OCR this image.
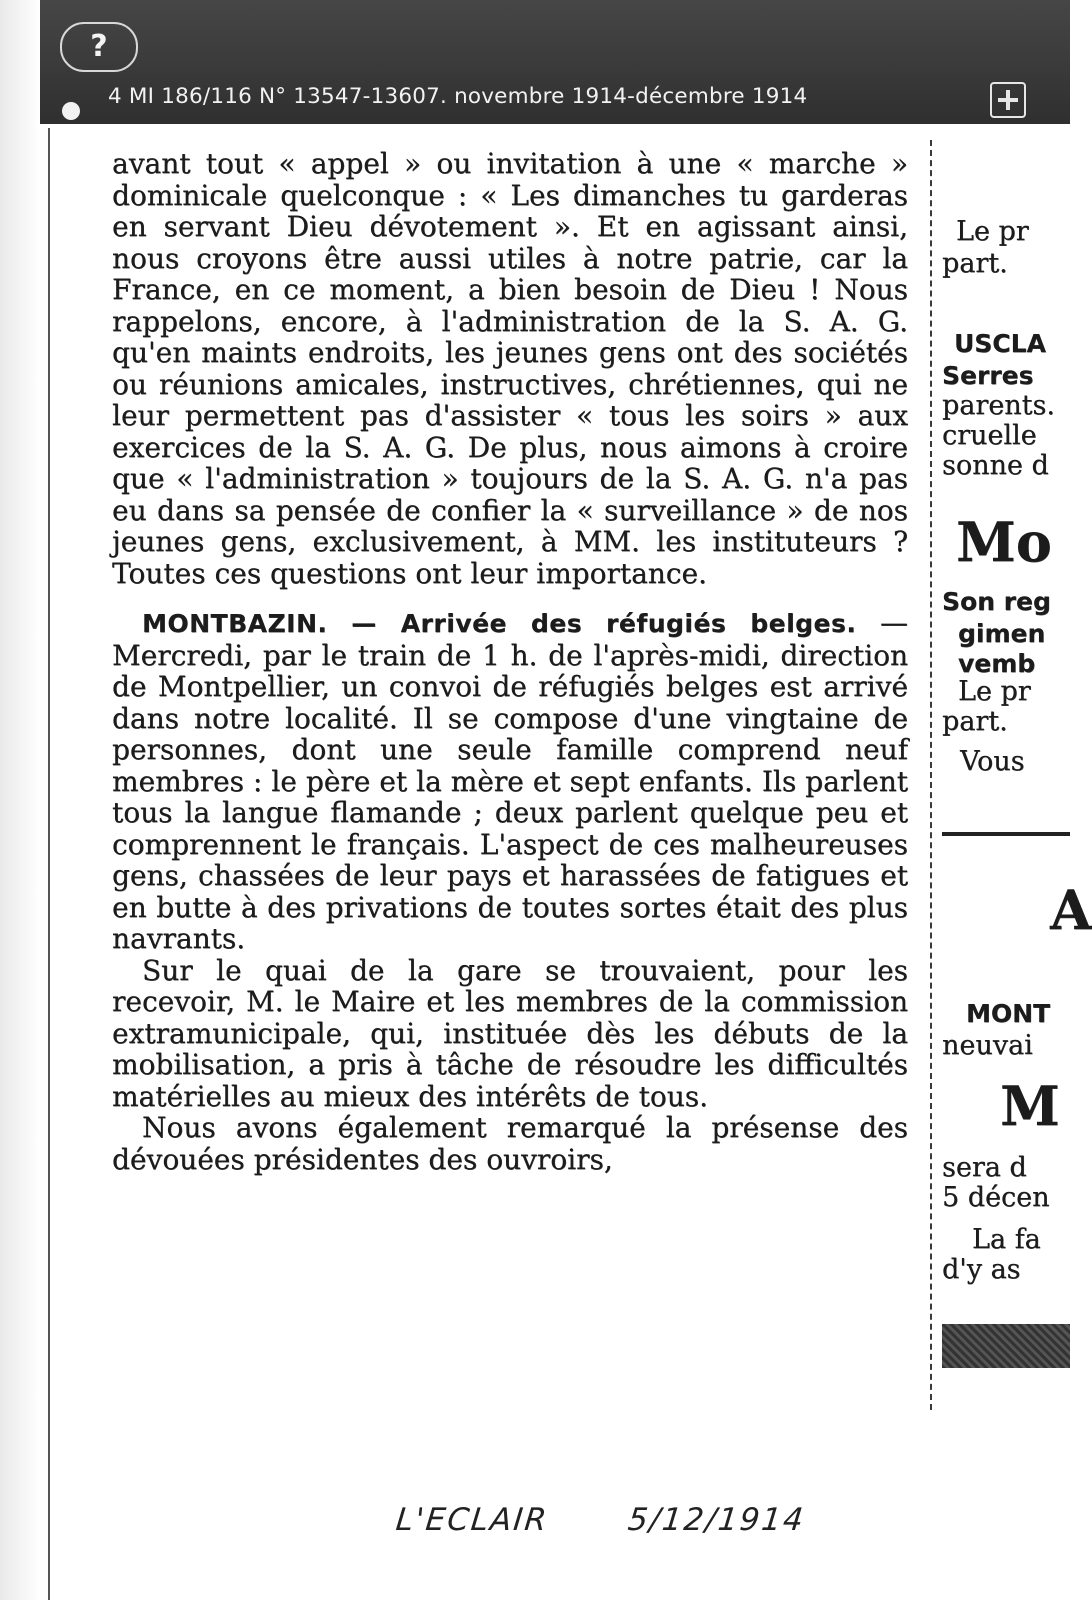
?
4 MI 186/116 N° 13547-13607. novembre 1914-décembre 1914

avant tout « appel » ou invitation à une « marche » dominicale quelconque : « Les dimanches tu garderas en servant Dieu dévotement ». Et en agissant ainsi, nous croyons être aussi utiles à notre patrie, car la France, en ce moment, a bien besoin de Dieu ! Nous rappelons, encore, à l'administration de la S. A. G. qu'en maints endroits, les jeunes gens ont des sociétés ou réunions amicales, instructives, chrétiennes, qui ne leur permettent pas d'assister « tous les soirs » aux exercices de la S. A. G. De plus, nous aimons à croire que « l'administration » toujours de la S. A. G. n'a pas eu dans sa pensée de confier la « surveillance » de nos jeunes gens, exclusivement, à MM. les instituteurs ? Toutes ces questions ont leur importance.

MONTBAZIN. — Arrivée des réfugiés belges. — Mercredi, par le train de 1 h. de l'après-midi, direction de Montpellier, un convoi de réfugiés belges est arrivé dans notre localité. Il se compose d'une vingtaine de personnes, dont une seule famille comprend neuf membres : le père et la mère et sept enfants. Ils parlent tous la langue flamande ; deux parlent quelque peu et comprennent le français. L'aspect de ces malheureuses gens, chassées de leur pays et harassées de fatigues et en butte à des privations de toutes sortes était des plus navrants.

Sur le quai de la gare se trouvaient, pour les recevoir, M. le Maire et les membres de la commission extramunicipale, qui, instituée dès les débuts de la mobilisation, a pris à tâche de résoudre les difficultés matérielles au mieux des intérêts de tous.

Nous avons également remarqué la présense des dévouées présidentes des ouvroirs,

Le pr

part.

USCLA

Serres

parents.

cruelle

sonne d

Mo

Son reg

gimen

vemb

Le pr

part.

Vous

A

MONT

neuvai

M

sera d

5 décen

La fa

d'y as

L'ECLAIR 5/12/1914
